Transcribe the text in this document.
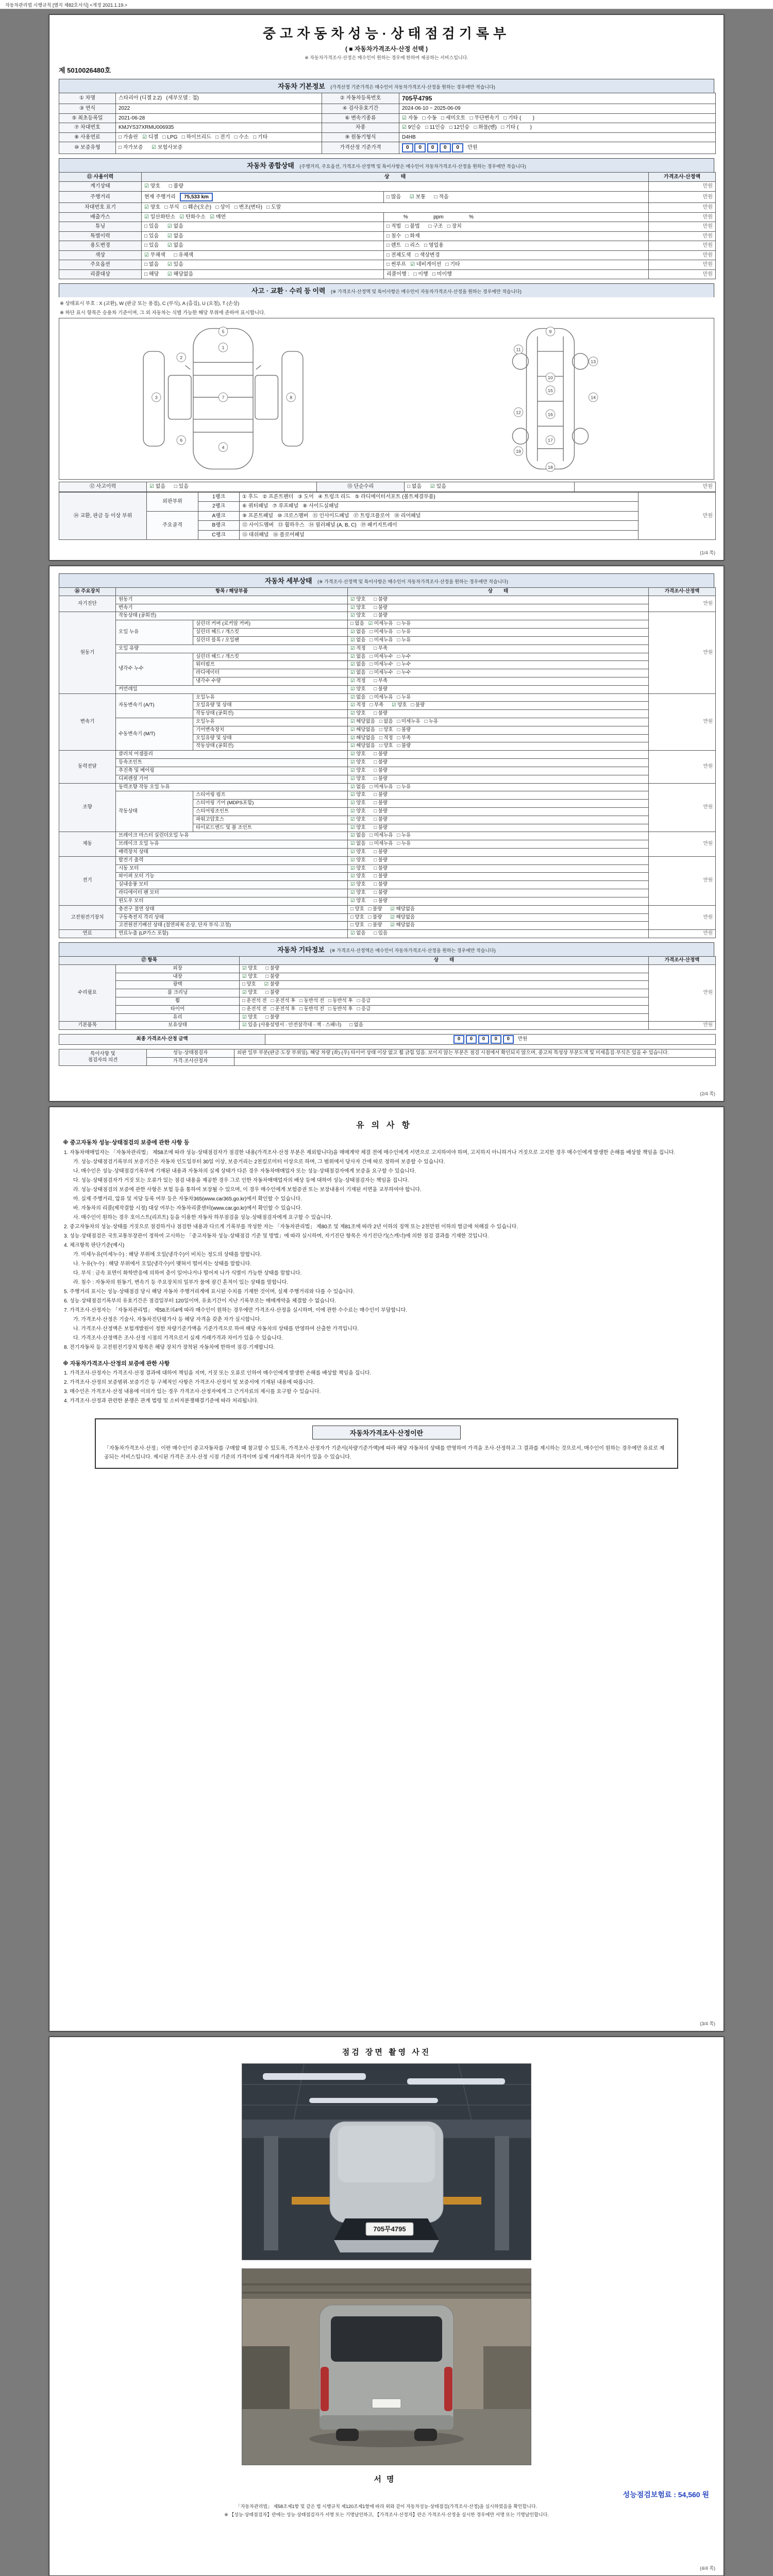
자동차관리법 시행규칙 [별지 제82호서식] <개정 2021.1.19.>
중고자동차성능·상태점검기록부
( ■ 자동차가격조사·산정 선택 )
※ 자동차가격조사·산정은 매수인이 원하는 경우에 한하여 제공하는 서비스입니다.
제 5010026480호
자동차 기본정보 (가격산정 기준가격은 매수인이 자동차가격조사·산정을 원하는 경우에만 적습니다)
① 차명	스타리아 (디젤 2.2)   (세부모델 : 접)	② 자동차등록번호	705무4795
③ 연식	2022	④ 검사유효기간	2024-06-10 ~ 2025-06-09
⑤ 최초등록일	2021-06-28	⑥ 변속기종류	☑ 자동   □ 수동   □ 세미오토   □ 무단변속기   □ 기타 (        )
⑦ 차대번호	KMJYS37XRMU006935	차종	☑ 9인승   □ 11인승   □ 12인승   □ 화물(밴)   □ 기타 (        )
⑧ 사용연료	□ 가솔린   ☑ 디젤   □ LPG   □ 하이브리드   □ 전기   □ 수소   □ 기타	⑨ 원동기형식	D4HB
⑩ 보증유형	□ 자가보증      ☑ 보험사보증	가격산정 기준가격	0 0 0 0 0   만원
자동차 종합상태 (주행거리, 주요옵션, 가격조사·산정액 및 특이사항은 매수인이 자동차가격조사·산정을 원하는 경우에만 적습니다)
⑪ 사용이력	상        태		가격조사·산정액
계기상태	☑ 양호      □ 불량		만원
주행거리	현재 주행거리   75,533 km	□ 많음      ☑ 보통      □ 적음	만원
차대번호 표기	☑ 양호   □ 부식   □ 훼손(오손)   □ 상이   □ 변조(변타)   □ 도말		만원
배출가스	☑ 일산화탄소   ☑ 탄화수소   ☑ 매연	　　　 %      　　　 ppm      　　　 %	만원
튜닝	□ 있음      ☑ 없음	□ 적법   □ 불법      □ 구조   □ 장치	만원
특별이력	□ 있음      ☑ 없음	□ 침수   □ 화재	만원
용도변경	□ 있음      ☑ 없음	□ 렌트   □ 리스   □ 영업용	만원
색상	☑ 무채색      □ 유채색	□ 전체도색   □ 색상변경	만원
주요옵션	□ 없음      ☑ 있음	□ 썬루프   ☑ 네비게이션   □ 기타	만원
리콜대상	□ 해당      ☑ 해당없음	리콜이행 :   □ 이행   □ 미이행	만원
사고 · 교환 · 수리 등 이력 (※ 가격조사·산정액 및 특이사항은 매수인이 자동차가격조사·산정을 원하는 경우에만 적습니다)
※ 상태표시 부호 : X (교환), W (판금 또는 용접), C (부식), A (흠집), U (요철), T (손상)
※ 하단 표시 항목은 승용차 기준이며, 그 외 자동차는 식별 가능한 해당 부위에 준하여 표시합니다.
1
2
3
4
5
6
7	8
9
10
11
12
13
14
15
16
17
18
19
⑫ 사고이력	☑ 없음      □ 있음	⑬ 단순수리	□ 없음      ☑ 있음	만원
⑭ 교환, 판금 등 이상 부위	외판부위	1랭크	① 후드   ② 프론트펜더   ③ 도어   ④ 트렁크 리드   ⑤ 라디에이터서포트 (볼트체결부품)	만원
		2랭크	⑥ 쿼터패널   ⑦ 루프패널   ⑧ 사이드실패널	
	주요골격	A랭크	⑨ 프론트패널   ⑩ 크로스멤버   ⑪ 인사이드패널   ⑰ 트렁크플로어   ⑱ 리어패널	
		B랭크	⑫ 사이드멤버   ⑬ 휠하우스   ⑭ 필러패널 (A, B, C)   ⑲ 패키지트레이	
		C랭크	⑮ 대쉬패널   ⑯ 플로어패널	
(1/4 쪽)
자동차 세부상태 (※ 가격조사·산정액 및 특이사항은 매수인이 자동차가격조사·산정을 원하는 경우에만 적습니다)
⑯ 주요장치	항목 / 해당부품		상        태	가격조사·산정액
자기진단	원동기		☑ 양호      □ 불량	만원
	변속기		☑ 양호      □ 불량	
원동기	작동상태 (공회전)		☑ 양호      □ 불량	만원
	오일 누유	실린더 커버 (로커암 커버)	□ 없음   ☑ 미세누유   □ 누유	
		실린더 헤드 / 개스킷	☑ 없음   □ 미세누유   □ 누유	
		실린더 블록 / 오일팬	☑ 없음   □ 미세누유   □ 누유	
	오일 유량		☑ 적정      □ 부족	
	냉각수 누수	실린더 헤드 / 개스킷	☑ 없음   □ 미세누수   □ 누수	
		워터펌프	☑ 없음   □ 미세누수   □ 누수	
		라디에이터	☑ 없음   □ 미세누수   □ 누수	
		냉각수 수량	☑ 적정      □ 부족	
	커먼레일		☑ 양호      □ 불량	
변속기	자동변속기 (A/T)	오일누유	☑ 없음   □ 미세누유   □ 누유	만원
		오일유량 및 상태	☑ 적정   □ 부족      ☑ 양호   □ 불량	
		작동상태 (공회전)	☑ 양호      □ 불량	
	수동변속기 (M/T)	오일누유	☑ 해당없음   □ 없음   □ 미세누유   □ 누유	
		기어변속장치	☑ 해당없음   □ 양호   □ 불량	
		오일유량 및 상태	☑ 해당없음   □ 적정   □ 부족	
		작동상태 (공회전)	☑ 해당없음   □ 양호   □ 불량	
동력전달	클러치 어셈블리		☑ 양호      □ 불량	만원
	등속조인트		☑ 양호      □ 불량	
	추진축 및 베어링		☑ 양호      □ 불량	
	디퍼렌셜 기어		☑ 양호      □ 불량	
조향	동력조향 작동 오일 누유		☑ 없음   □ 미세누유   □ 누유	만원
	작동상태	스티어링 펌프	☑ 양호      □ 불량	
		스티어링 기어 (MDPS포함)	☑ 양호      □ 불량	
		스티어링조인트	☑ 양호      □ 불량	
		파워고압호스	☑ 양호      □ 불량	
		타이로드엔드 및 볼 조인트	☑ 양호      □ 불량	
제동	브레이크 마스터 실린더오일 누유		☑ 없음   □ 미세누유   □ 누유	만원
	브레이크 오일 누유		☑ 없음   □ 미세누유   □ 누유	
	배력장치 상태		☑ 양호      □ 불량	
전기	발전기 출력		☑ 양호      □ 불량	만원
	시동 모터		☑ 양호      □ 불량	
	와이퍼 모터 기능		☑ 양호      □ 불량	
	실내송풍 모터		☑ 양호      □ 불량	
	라디에이터 팬 모터		☑ 양호      □ 불량	
	윈도우 모터		☑ 양호      □ 불량	
고전원전기장치	충전구 절연 상태		□ 양호   □ 불량      ☑ 해당없음	만원
	구동축전지 격리 상태		□ 양호   □ 불량      ☑ 해당없음	
	고전원전기배선 상태 (절연피복 손상, 단자 부식·고정)		□ 양호   □ 불량      ☑ 해당없음	
연료	연료누출 (LP가스 포함)		☑ 없음      □ 있음	만원
자동차 기타정보 (※ 가격조사·산정액은 매수인이 자동차가격조사·산정을 원하는 경우에만 적습니다)
⑰ 항목		상        태	가격조사·산정액
수리필요	외장	☑ 양호      □ 불량	만원
	내장	☑ 양호      □ 불량	
	광택	□ 양호      ☑ 불량	
	룸 크리닝	☑ 양호      □ 불량	
	휠	□ 운전석 전   □ 운전석 후   □ 동반석 전   □ 동반석 후   □ 응급	
	타이어	□ 운전석 전   □ 운전석 후   □ 동반석 전   □ 동반석 후   □ 응급	
	유리	☑ 양호      □ 불량	
기본품목	보유상태	☑ 있음 (사용설명서 · 안전삼각대 · 잭 · 스패너)      □ 없음	만원
최종 가격조사·산정 금액	0 0 0 0 0   만원
특이사항 및
점검자의 의견	성능·상태점검자	외판 일부 부분(판금·도장 부위임). 해당 차량 (좌)·(우) 타이어 상태 이상 없고 휠 긁힘 있음. 보이지 않는 부분은 점검 시점에서 확인되지 않으며, 중고차 특성상 부분도색 및 미세흠집·부식은 있을 수 있습니다.
	가격·조사산정자	
(2/4 쪽)
유의사항
※ 중고자동차 성능·상태점검의 보증에 관한 사항 등
1. 자동차매매업자는 「자동차관리법」 제58조에 따라 성능·상태점검자가 점검한 내용(가격조사·산정 부분은 제외합니다)을 매매계약 체결 전에 매수인에게 서면으로 고지하여야 하며, 고지하지 아니하거나 거짓으로 고지한 경우 매수인에게 발생한 손해를 배상할 책임을 집니다.
가. 성능·상태점검기록부의 보증기간은 자동차 인도일부터 30일 이상, 보증거리는 2천킬로미터 이상으로 하며, 그 범위에서 당사자 간에 따로 정하여 보증할 수 있습니다.
나. 매수인은 성능·상태점검기록부에 기재된 내용과 자동차의 실제 상태가 다른 경우 자동차매매업자 또는 성능·상태점검자에게 보증을 요구할 수 있습니다.
다. 성능·상태점검자가 거짓 또는 오류가 있는 점검 내용을 제공한 경우 그로 인한 자동차매매업자의 배상 등에 대하여 성능·상태점검자는 책임을 집니다.
라. 성능·상태점검의 보증에 관한 사항은 보험 등을 통하여 보장될 수 있으며, 이 경우 매수인에게 보험증권 또는 보장내용이 기재된 서면을 교부하여야 합니다.
마. 실제 주행거리, 압류 및 저당 등록 여부 등은 자동차365(www.car365.go.kr)에서 확인할 수 있습니다.
바. 자동차의 리콜(제작결함 시정) 대상 여부는 자동차리콜센터(www.car.go.kr)에서 확인할 수 있습니다.
사. 매수인이 원하는 경우 호이스트(리프트) 등을 이용한 자동차 하부점검을 성능·상태점검자에게 요구할 수 있습니다.
2. 중고자동차의 성능·상태를 거짓으로 점검하거나 점검한 내용과 다르게 기록부를 작성한 자는 「자동차관리법」 제80조 및 제81조에 따라 2년 이하의 징역 또는 2천만원 이하의 벌금에 처해질 수 있습니다.
3. 성능·상태점검은 국토교통부장관이 정하여 고시하는 「중고자동차 성능·상태점검 기준 및 방법」에 따라 실시하며, 자기진단 항목은 자기진단기(스캐너)에 의한 점검 결과를 기재한 것입니다.
4. 체크항목 판단기준(예시)
가. 미세누유(미세누수) : 해당 부위에 오일(냉각수)이 비치는 정도의 상태를 말합니다.
나. 누유(누수) : 해당 부위에서 오일(냉각수)이 맺혀서 떨어지는 상태를 말합니다.
다. 부식 : 금속 표면이 화학반응에 의하여 층이 일어나거나 떨어져 나가 식별이 가능한 상태를 말합니다.
라. 침수 : 자동차의 원동기, 변속기 등 주요장치의 일부가 물에 잠긴 흔적이 있는 상태를 말합니다.
5. 주행거리 표시는 성능·상태점검 당시 해당 자동차 주행거리계에 표시된 수치를 기재한 것이며, 실제 주행거리와 다를 수 있습니다.
6. 성능·상태점검기록부의 유효기간은 점검일부터 120일이며, 유효기간이 지난 기록부로는 매매계약을 체결할 수 없습니다.
7. 가격조사·산정자는 「자동차관리법」 제58조의4에 따라 매수인이 원하는 경우에만 가격조사·산정을 실시하며, 이에 관한 수수료는 매수인이 부담합니다.
가. 가격조사·산정은 기술사, 자동차진단평가사 등 해당 자격을 갖춘 자가 실시합니다.
나. 가격조사·산정액은 보험개발원이 정한 차량기준가액을 기준가격으로 하여 해당 자동차의 상태를 반영하여 산출한 가격입니다.
다. 가격조사·산정액은 조사·산정 시점의 가격으로서 실제 거래가격과 차이가 있을 수 있습니다.
8. 전기자동차 등 고전원전기장치 항목은 해당 장치가 장착된 자동차에 한하여 점검·기재합니다.
※ 자동차가격조사·산정의 보증에 관한 사항
1. 가격조사·산정자는 가격조사·산정 결과에 대하여 책임을 지며, 거짓 또는 오류로 인하여 매수인에게 발생한 손해를 배상할 책임을 집니다.
2. 가격조사·산정의 보증범위·보증기간 등 구체적인 사항은 가격조사·산정서 및 보증서에 기재된 내용에 따릅니다.
3. 매수인은 가격조사·산정 내용에 이의가 있는 경우 가격조사·산정자에게 그 근거자료의 제시를 요구할 수 있습니다.
4. 가격조사·산정과 관련한 분쟁은 관계 법령 및 소비자분쟁해결기준에 따라 처리됩니다.
자동차가격조사·산정이란
「자동차가격조사·산정」이란 매수인이 중고자동차를 구매할 때 참고할 수 있도록, 가격조사·산정자가 기준서(차량기준가액)에 따라 해당 자동차의 상태를 반영하여 가격을 조사·산정하고 그 결과를 제시하는 것으로서, 매수인이 원하는 경우에만 유료로 제공되는 서비스입니다. 제시된 가격은 조사·산정 시점 기준의 가격이며 실제 거래가격과 차이가 있을 수 있습니다.
(3/4 쪽)
점검 장면 촬영 사진
705무4795
서명
성능점검보험료 : 54,560 원
「자동차관리법」 제58조제1항 및 같은 법 시행규칙 제120조제1항에 따라 위와 같이 자동차성능·상태점검(가격조사·산정)을 실시하였음을 확인합니다.
※ 【성능·상태점검자】란에는 성능·상태점검자가 서명 또는 기명날인하고, 【가격조사·산정자】란은 가격조사·산정을 실시한 경우에만 서명 또는 기명날인합니다.
(4/4 쪽)
